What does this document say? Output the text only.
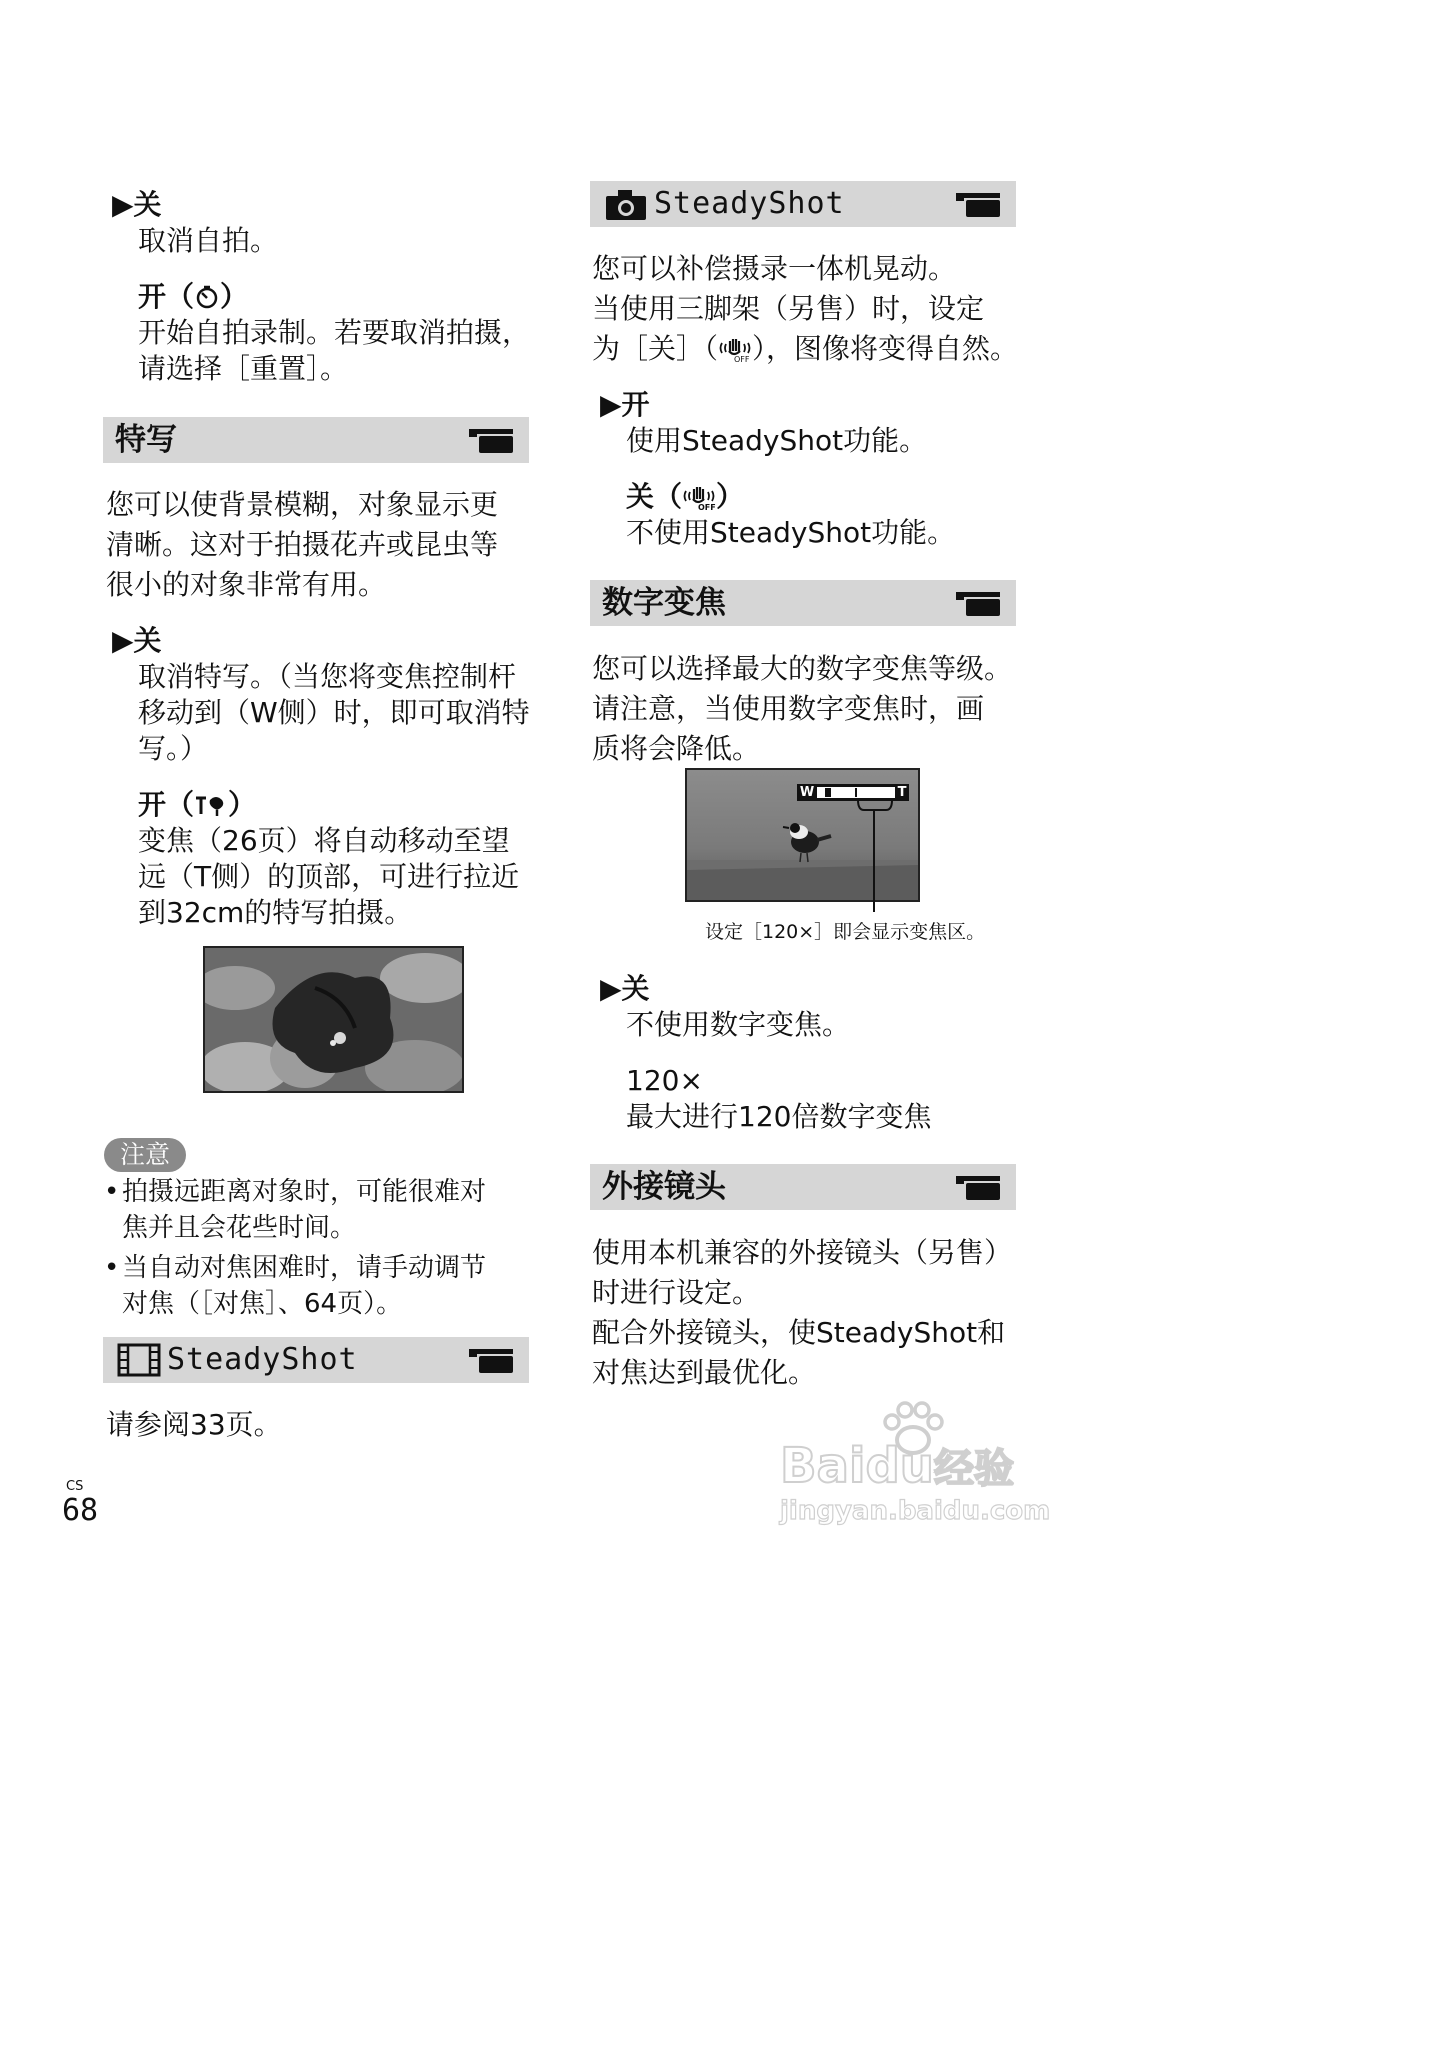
▶关
取消自拍。
开（ ）
开始自拍录制。若要取消拍摄，
请选择［重置］。
特写
您可以使背景模糊，对象显示更
清晰。这对于拍摄花卉或昆虫等
很小的对象非常有用。
▶关
取消特写。（当您将变焦控制杆
移动到（W侧）时，即可取消特
写。）
开（ ）
变焦（26页）将自动移动至望
远（T侧）的顶部，可进行拉近
到32cm的特写拍摄。
注意
• 拍摄远距离对象时，可能很难对
焦并且会花些时间。
• 当自动对焦困难时，请手动调节
对焦（［对焦］、64页）。
SteadyShot
请参阅33页。
CS
68
SteadyShot
您可以补偿摄录一体机晃动。
当使用三脚架（另售）时，设定
为［关］（ OFF ），图像将变得自然。
▶开
使用SteadyShot功能。
关（ OFF ）
不使用SteadyShot功能。
数字变焦
您可以选择最大的数字变焦等级。
请注意，当使用数字变焦时，画
质将会降低。
W	T
设定［120×］即会显示变焦区。
▶关
不使用数字变焦。
120×
最大进行120倍数字变焦
外接镜头
使用本机兼容的外接镜头（另售）
时进行设定。
配合外接镜头，使SteadyShot和
对焦达到最优化。
Baidu经验
jingyan.baidu.com
